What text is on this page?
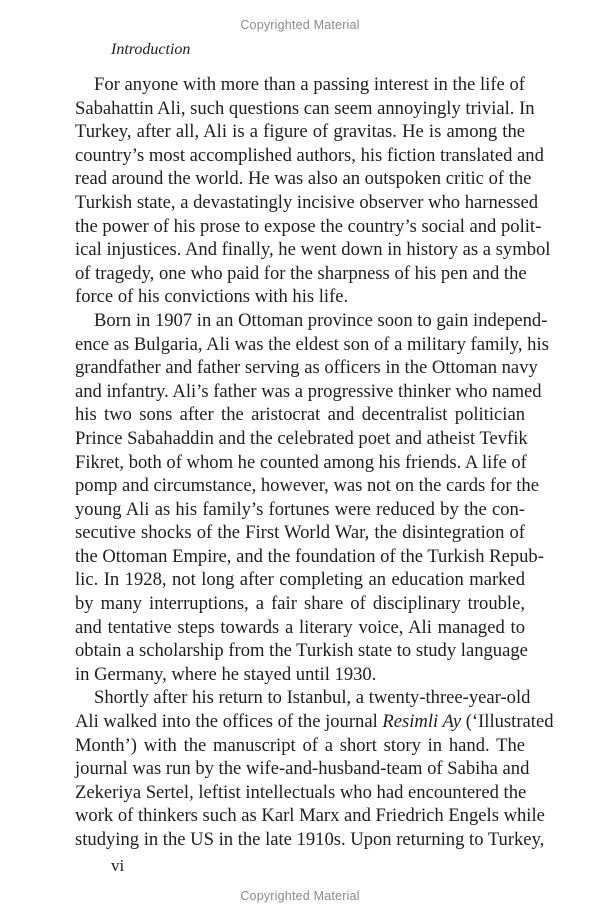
Copyrighted Material
Introduction
For anyone with more than a passing interest in the life of
Sabahattin Ali, such questions can seem annoyingly trivial. In
Turkey, after all, Ali is a figure of gravitas. He is among the
country’s most accomplished authors, his fiction translated and
read around the world. He was also an outspoken critic of the
Turkish state, a devastatingly incisive observer who harnessed
the power of his prose to expose the country’s social and polit-
ical injustices. And finally, he went down in history as a symbol
of tragedy, one who paid for the sharpness of his pen and the
force of his convictions with his life.
Born in 1907 in an Ottoman province soon to gain independ-
ence as Bulgaria, Ali was the eldest son of a military family, his
grandfather and father serving as officers in the Ottoman navy
and infantry. Ali’s father was a progressive thinker who named
his two sons after the aristocrat and decentralist politician
Prince Sabahaddin and the celebrated poet and atheist Tevfik
Fikret, both of whom he counted among his friends. A life of
pomp and circumstance, however, was not on the cards for the
young Ali as his family’s fortunes were reduced by the con-
secutive shocks of the First World War, the disintegration of
the Ottoman Empire, and the foundation of the Turkish Repub-
lic. In 1928, not long after completing an education marked
by many interruptions, a fair share of disciplinary trouble,
and tentative steps towards a literary voice, Ali managed to
obtain a scholarship from the Turkish state to study language
in Germany, where he stayed until 1930.
Shortly after his return to Istanbul, a twenty-three-year-old
Ali walked into the offices of the journal Resimli Ay (‘Illustrated
Month’) with the manuscript of a short story in hand. The
journal was run by the wife-and-husband-team of Sabiha and
Zekeriya Sertel, leftist intellectuals who had encountered the
work of thinkers such as Karl Marx and Friedrich Engels while
studying in the US in the late 1910s. Upon returning to Turkey,
vi
Copyrighted Material
